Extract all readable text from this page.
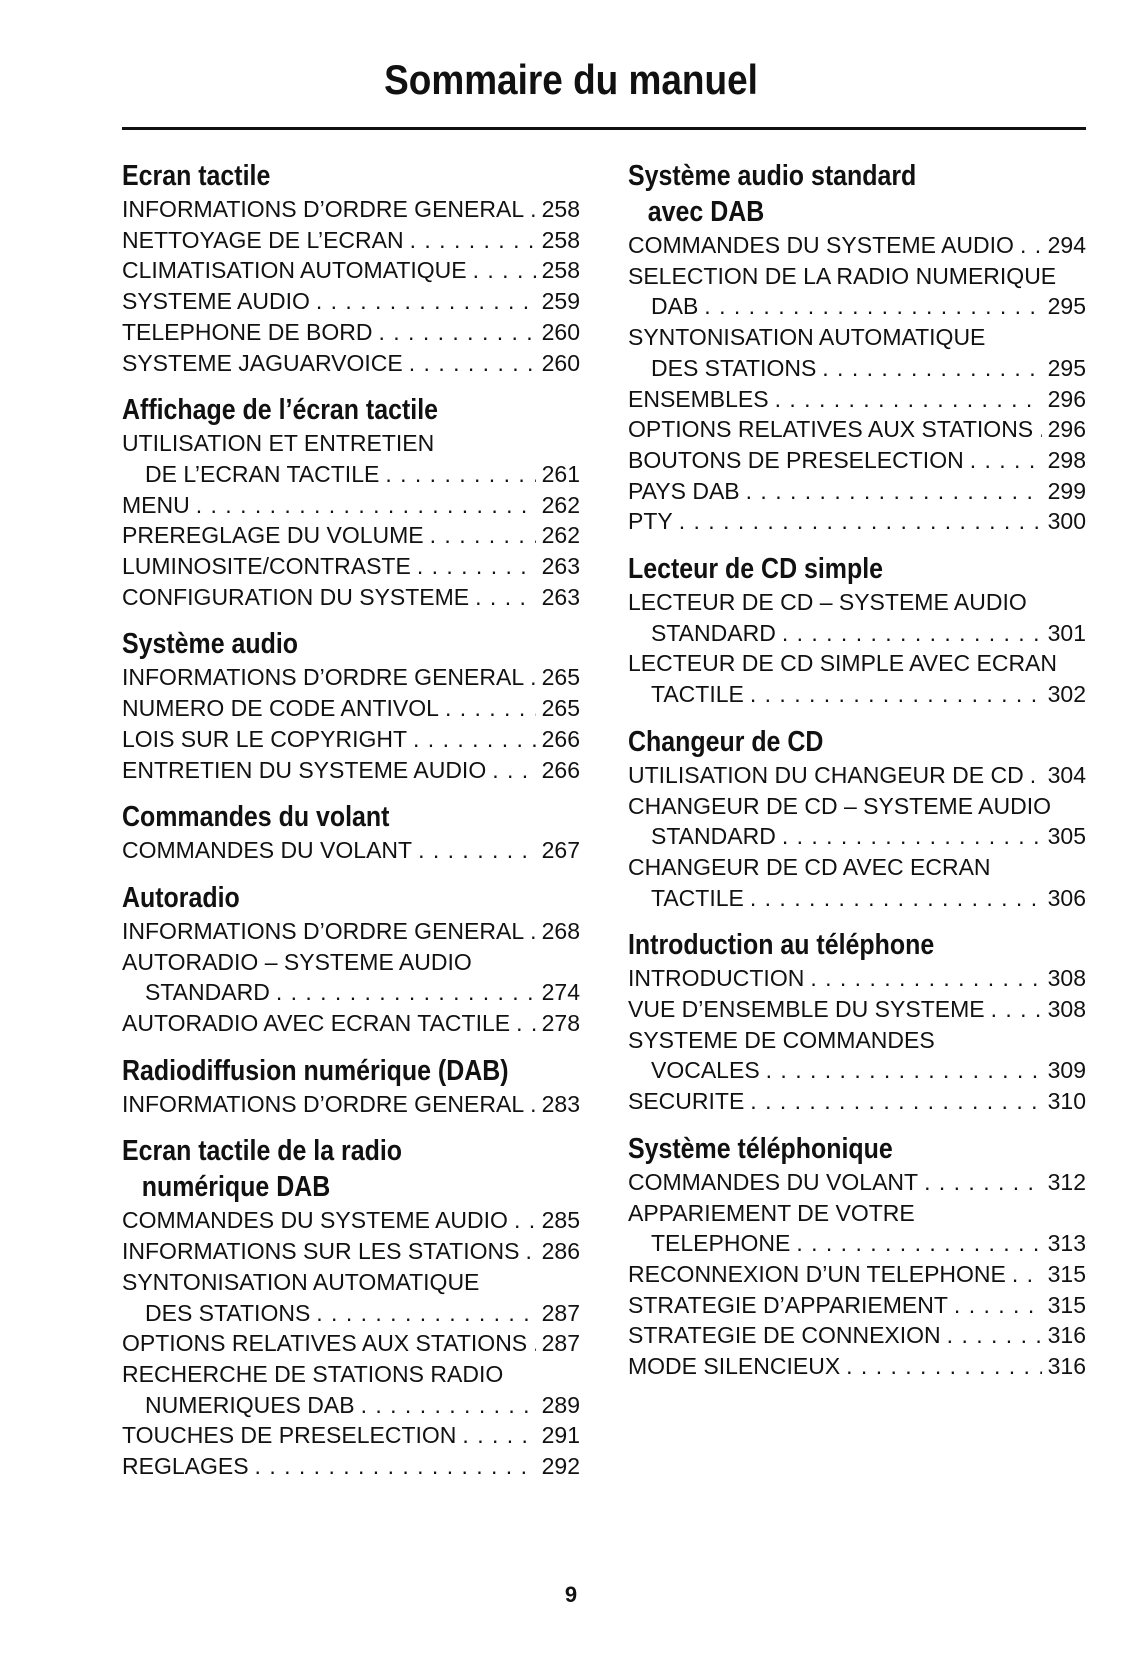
Sommaire du manuel
Ecran tactile
INFORMATIONS D’ORDRE GENERAL . . . 258
NETTOYAGE DE L’ECRAN . . .	258
CLIMATISATION AUTOMATIQUE . . .	258
SYSTEME AUDIO . . .	259
TELEPHONE DE BORD . . .	260
SYSTEME JAGUARVOICE . . .	260
Affichage de l’écran tactile
UTILISATION ET ENTRETIEN
DE L’ECRAN TACTILE . . .	261
MENU . . .	262
PREREGLAGE DU VOLUME . . .	262
LUMINOSITE/CONTRASTE . . .	263
CONFIGURATION DU SYSTEME . . .	263
Système audio
INFORMATIONS D’ORDRE GENERAL . . . 265
NUMERO DE CODE ANTIVOL . . .	265
LOIS SUR LE COPYRIGHT . . .	266
ENTRETIEN DU SYSTEME AUDIO . . . 266
Commandes du volant
COMMANDES DU VOLANT . . .	267
Autoradio
INFORMATIONS D’ORDRE GENERAL . . . 268
AUTORADIO – SYSTEME AUDIO
STANDARD . . .	274
AUTORADIO AVEC ECRAN TACTILE . . . 278
Radiodiffusion numérique (DAB)
INFORMATIONS D’ORDRE GENERAL . . . 283
Ecran tactile de la radio
numérique DAB
COMMANDES DU SYSTEME AUDIO . . . 285
INFORMATIONS SUR LES STATIONS . . . 286
SYNTONISATION AUTOMATIQUE
DES STATIONS . . .	287
OPTIONS RELATIVES AUX STATIONS . . . 287
RECHERCHE DE STATIONS RADIO
NUMERIQUES DAB . . .	289
TOUCHES DE PRESELECTION . . .	291
REGLAGES . . .	292
Système audio standard
avec DAB
COMMANDES DU SYSTEME AUDIO . . . 294
SELECTION DE LA RADIO NUMERIQUE
DAB . . .	295
SYNTONISATION AUTOMATIQUE
DES STATIONS . . .	295
ENSEMBLES . . .	296
OPTIONS RELATIVES AUX STATIONS . . . 296
BOUTONS DE PRESELECTION . . .	298
PAYS DAB . . .	299
PTY . . .	300
Lecteur de CD simple
LECTEUR DE CD – SYSTEME AUDIO
STANDARD . . .	301
LECTEUR DE CD SIMPLE AVEC ECRAN
TACTILE . . .	302
Changeur de CD
UTILISATION DU CHANGEUR DE CD . . . 304
CHANGEUR DE CD – SYSTEME AUDIO
STANDARD . . .	305
CHANGEUR DE CD AVEC ECRAN
TACTILE . . .	306
Introduction au téléphone
INTRODUCTION . . .	308
VUE D’ENSEMBLE DU SYSTEME . . .	308
SYSTEME DE COMMANDES
VOCALES . . .	309
SECURITE . . .	310
Système téléphonique
COMMANDES DU VOLANT . . .	312
APPARIEMENT DE VOTRE
TELEPHONE . . .	313
RECONNEXION D’UN TELEPHONE . . . 315
STRATEGIE D’APPARIEMENT . . .	315
STRATEGIE DE CONNEXION . . .	316
MODE SILENCIEUX . . .	316
9
